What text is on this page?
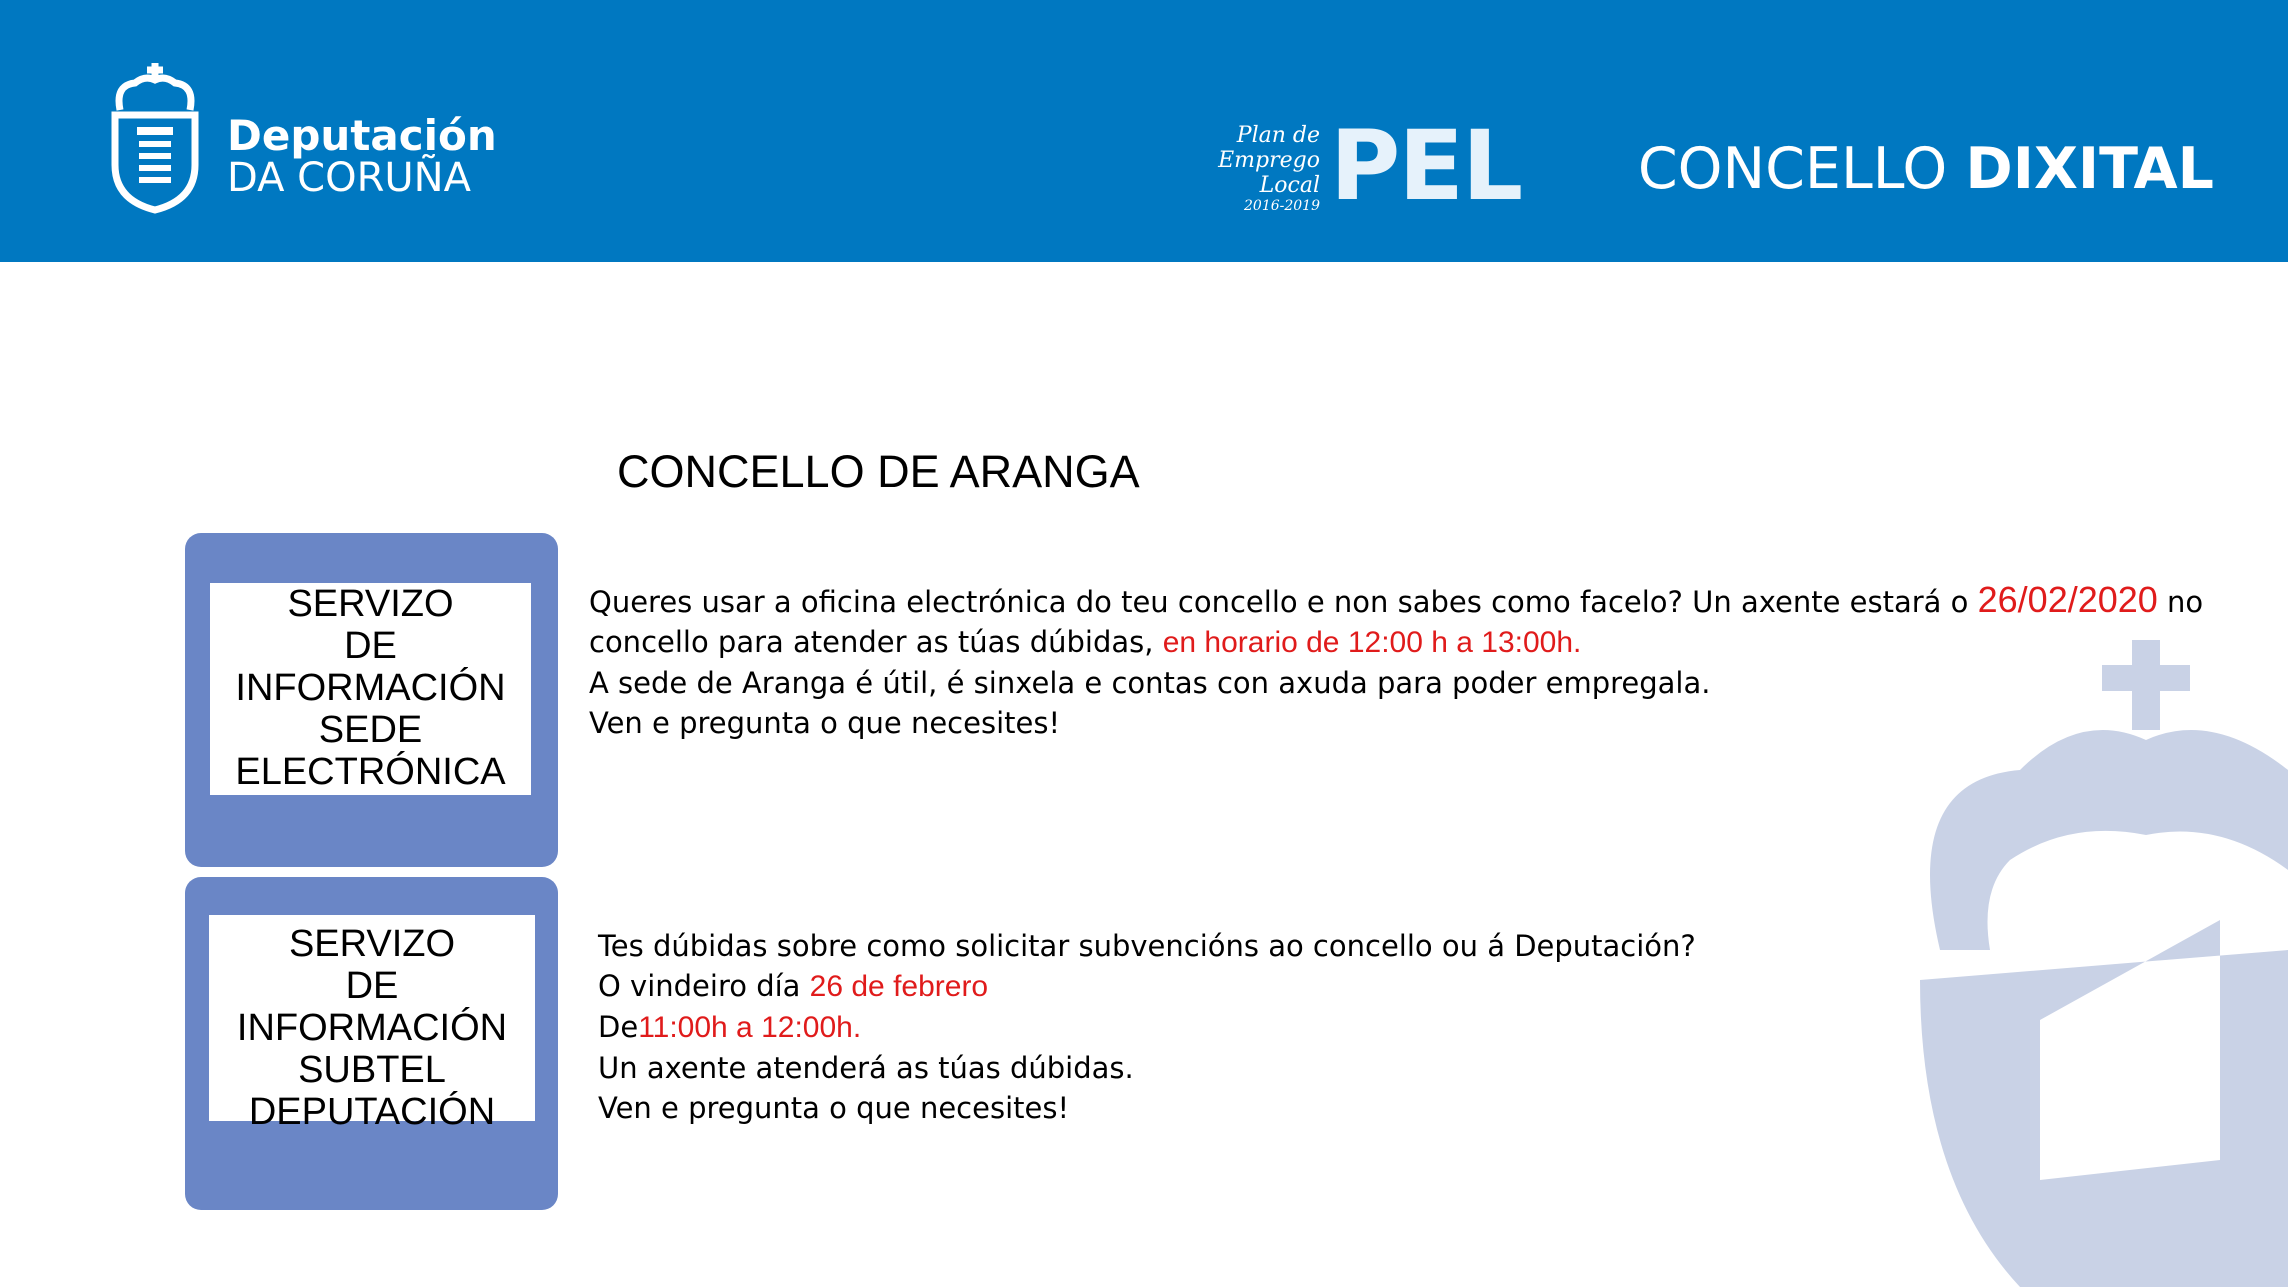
Deputación
DA CORUÑA
Plan de
Emprego Local
2016-2019 PEL CONCELLO DIXITAL
CONCELLO DE ARANGA
SERVIZO
DE
INFORMACIÓN
SEDE
ELECTRÓNICA
Queres usar a oficina electrónica do teu concello e non sabes como facelo? Un axente estará o 26/02/2020 no
concello para atender as túas dúbidas, en horario de 12:00 h a 13:00h.
A sede de Aranga é útil, é sinxela e contas con axuda para poder empregala.
Ven e pregunta o que necesites!
SERVIZO
DE
INFORMACIÓN
SUBTEL
DEPUTACIÓN
Tes dúbidas sobre como solicitar subvencións ao concello ou á Deputación?
O vindeiro día 26 de febrero
De11:00h a 12:00h.
Un axente atenderá as túas dúbidas.
Ven e pregunta o que necesites!
